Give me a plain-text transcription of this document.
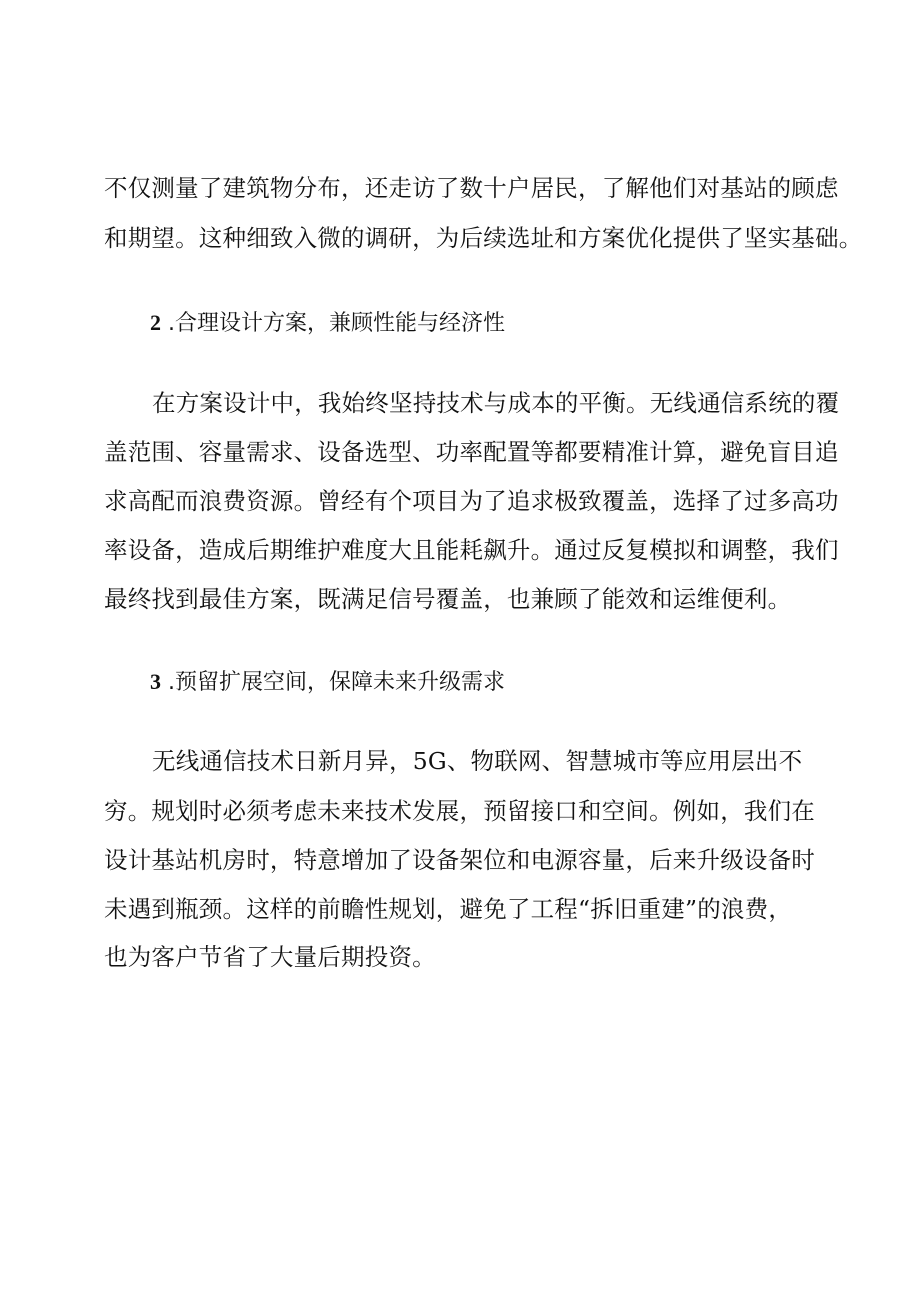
不仅测量了建筑物分布，还走访了数十户居民，了解他们对基站的顾虑
和期望。这种细致入微的调研，为后续选址和方案优化提供了坚实基础。
2 .合理设计方案，兼顾性能与经济性
在方案设计中，我始终坚持技术与成本的平衡。无线通信系统的覆
盖范围、容量需求、设备选型、功率配置等都要精准计算，避免盲目追
求高配而浪费资源。曾经有个项目为了追求极致覆盖，选择了过多高功
率设备，造成后期维护难度大且能耗飙升。通过反复模拟和调整，我们
最终找到最佳方案，既满足信号覆盖，也兼顾了能效和运维便利。
3 .预留扩展空间，保障未来升级需求
无线通信技术日新月异，5G、物联网、智慧城市等应用层出不
穷。规划时必须考虑未来技术发展，预留接口和空间。例如，我们在
设计基站机房时，特意增加了设备架位和电源容量，后来升级设备时
未遇到瓶颈。这样的前瞻性规划，避免了工程“拆旧重建”的浪费，
也为客户节省了大量后期投资。
